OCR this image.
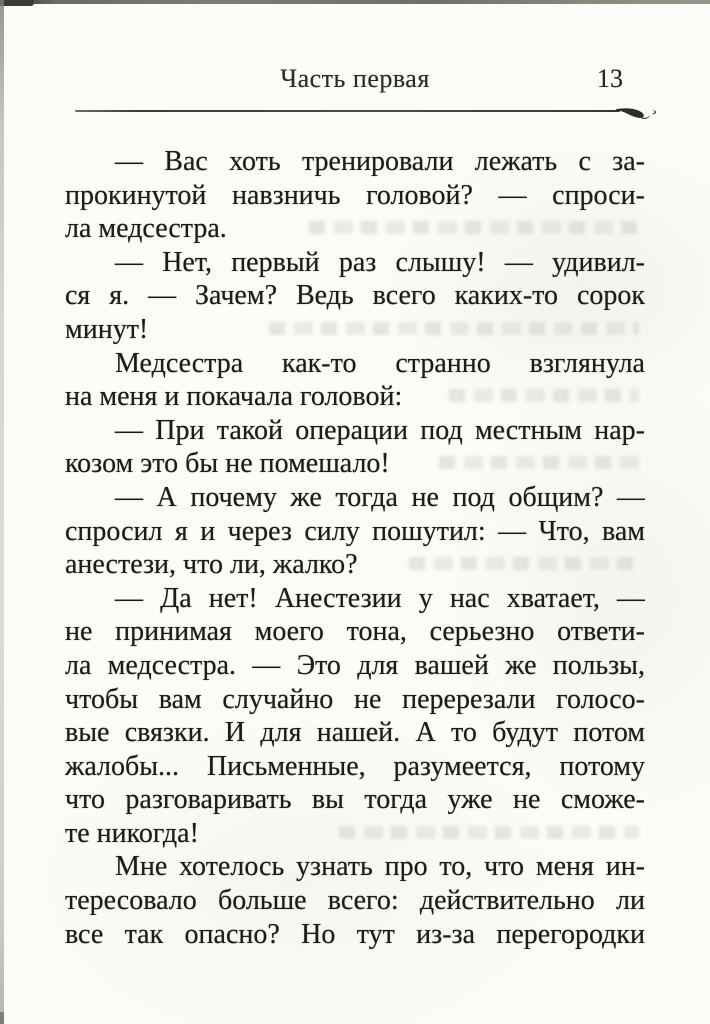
Часть первая	13
— Вас хоть тренировали лежать с за-
прокинутой навзничь головой? — спроси-
ла медсестра.
— Нет, первый раз слышу! — удивил-
ся я. — Зачем? Ведь всего каких-то сорок
минут!
Медсестра как-то странно взглянула
на меня и покачала головой:
— При такой операции под местным нар-
козом это бы не помешало!
— А почему же тогда не под общим? —
спросил я и через силу пошутил: — Что, вам
анестези, что ли, жалко?
— Да нет! Анестезии у нас хватает, —
не принимая моего тона, серьезно ответи-
ла медсестра. — Это для вашей же пользы,
чтобы вам случайно не перерезали голосо-
вые связки. И для нашей. А то будут потом
жалобы... Письменные, разумеется, потому
что разговаривать вы тогда уже не сможе-
те никогда!
Мне хотелось узнать про то, что меня ин-
тересовало больше всего: действительно ли
все так опасно? Но тут из-за перегородки
